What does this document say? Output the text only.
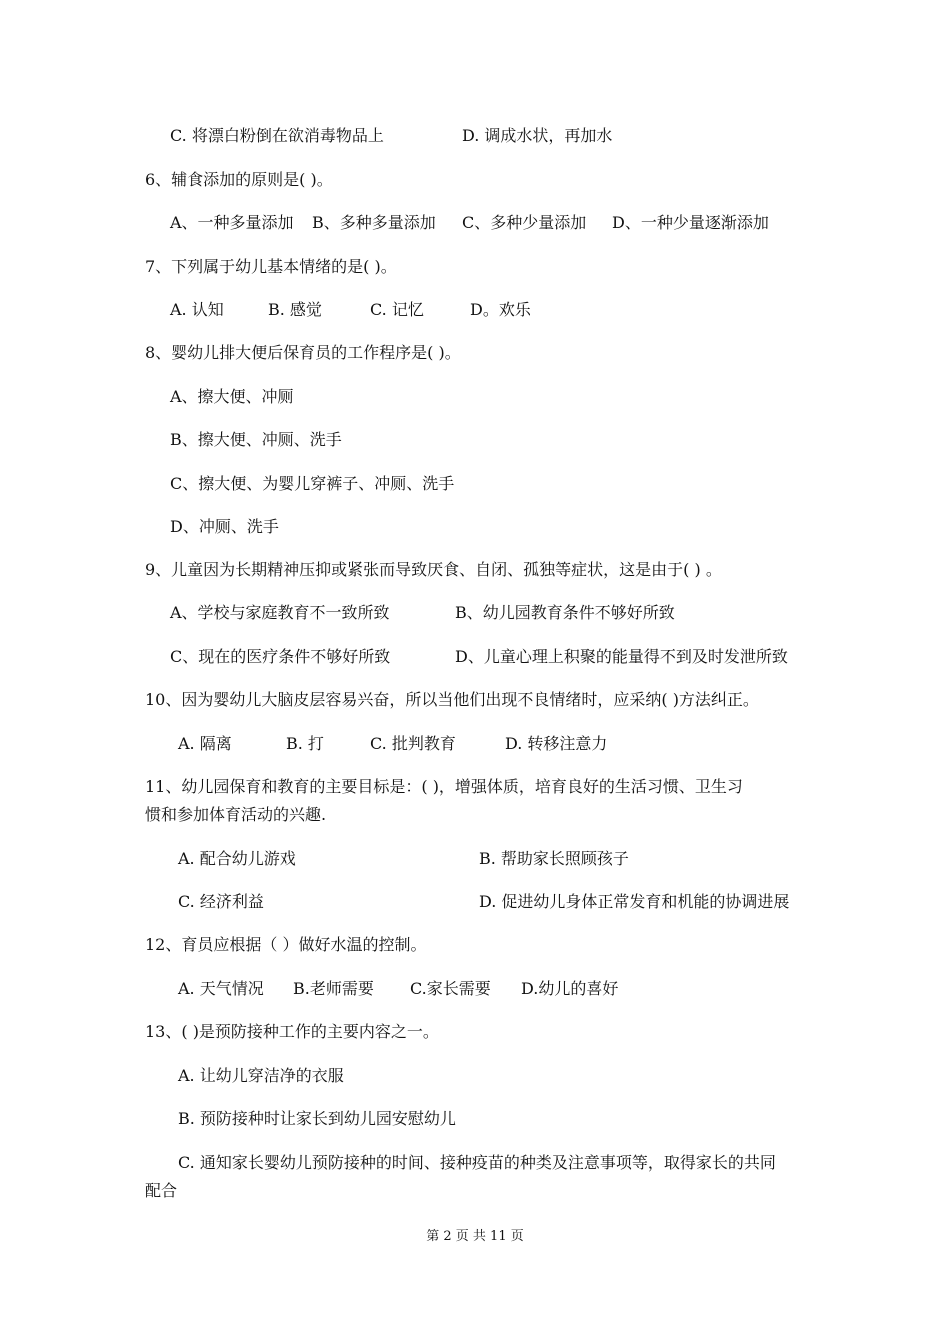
C. 将漂白粉倒在欲消毒物品上	D. 调成水状，再加水
6、辅食添加的原则是( )。
A、一种多量添加 B、多种多量添加 C、多种少量添加 D、一种少量逐渐添加
7、下列属于幼儿基本情绪的是( )。
A. 认知	B. 感觉	C. 记忆	D。欢乐
8、婴幼儿排大便后保育员的工作程序是( )。
A、擦大便、冲厕
B、擦大便、冲厕、洗手
C、擦大便、为婴儿穿裤子、冲厕、洗手
D、冲厕、洗手
9、儿童因为长期精神压抑或紧张而导致厌食、自闭、孤独等症状，这是由于( ) 。
A、学校与家庭教育不一致所致	B、幼儿园教育条件不够好所致
C、现在的医疗条件不够好所致	D、儿童心理上积聚的能量得不到及时发泄所致
10、因为婴幼儿大脑皮层容易兴奋，所以当他们出现不良情绪时，应采纳( )方法纠正。
A. 隔离	B. 打	C. 批判教育	D. 转移注意力
11、幼儿园保育和教育的主要目标是：( )，增强体质，培育良好的生活习惯、卫生习
惯和参加体育活动的兴趣.
A. 配合幼儿游戏	B. 帮助家长照顾孩子
C. 经济利益	D. 促进幼儿身体正常发育和机能的协调进展
12、育员应根据（ ）做好水温的控制。
A. 天气情况 B.老师需要 C.家长需要 D.幼儿的喜好
13、( )是预防接种工作的主要内容之一。
A. 让幼儿穿洁净的衣服
B. 预防接种时让家长到幼儿园安慰幼儿
C. 通知家长婴幼儿预防接种的时间、接种疫苗的种类及注意事项等，取得家长的共同
配合
第 2 页 共 11 页
